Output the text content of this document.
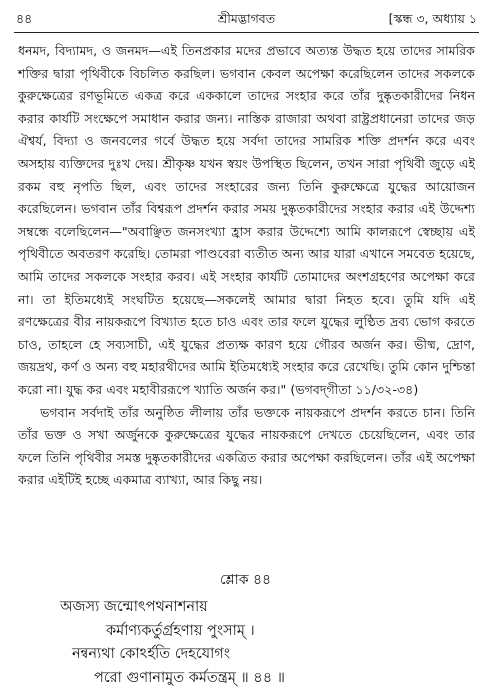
৪৪	শ্রীমদ্ভাগবত	[স্কন্ধ ৩, অধ্যায় ১

ধনমদ, বিদ্যামদ, ও জনমদ—এই তিনপ্রকার মদের প্রভাবে অত্যন্ত উদ্ধত হয়ে তাদের সামরিক শক্তির দ্বারা পৃথিবীকে বিচলিত করছিল। ভগবান কেবল অপেক্ষা করেছিলেন তাদের সকলকে কুরুক্ষেত্রের রণভূমিতে একত্র করে এককালে তাদের সংহার করে তাঁর দুষ্কৃতকারীদের নিধন করার কার্যটি সংক্ষেপে সমাধান করার জন্য। নাস্তিক রাজারা অথবা রাষ্ট্রপ্রধানেরা তাদের জড় ঐশ্বর্য, বিদ্যা ও জনবলের গর্বে উদ্ধত হয়ে সর্বদা তাদের সামরিক শক্তি প্রদর্শন করে এবং অসহায় ব্যক্তিদের দুঃখ দেয়। শ্রীকৃষ্ণ যখন স্বয়ং উপস্থিত ছিলেন, তখন সারা পৃথিবী জুড়ে এই রকম বহু নৃপতি ছিল, এবং তাদের সংহারের জন্য তিনি কুরুক্ষেত্রে যুদ্ধের আয়োজন করেছিলেন। ভগবান তাঁর বিশ্বরূপ প্রদর্শন করার সময় দুষ্কৃতকারীদের সংহার করার এই উদ্দেশ্য সম্বন্ধে বলেছিলেন—"অবাঞ্ছিত জনসংখ্যা হ্রাস করার উদ্দেশ্যে আমি কালরূপে স্বেচ্ছায় এই পৃথিবীতে অবতরণ করেছি। তোমরা পাণ্ডবেরা ব্যতীত অন্য আর যারা এখানে সমবেত হয়েছে, আমি তাদের সকলকে সংহার করব। এই সংহার কার্যটি তোমাদের অংশগ্রহণের অপেক্ষা করে না। তা ইতিমধ্যেই সংঘটিত হয়েছে—সকলেই আমার দ্বারা নিহত হবে। তুমি যদি এই রণক্ষেত্রের বীর নায়করূপে বিখ্যাত হতে চাও এবং তার ফলে যুদ্ধের লুণ্ঠিত দ্রব্য ভোগ করতে চাও, তাহলে হে সব্যসাচী, এই যুদ্ধের প্রত্যক্ষ কারণ হয়ে গৌরব অর্জন কর। ভীষ্ম, দ্রোণ, জয়দ্রথ, কর্ণ ও অন্য বহু মহারথীদের আমি ইতিমধ্যেই সংহার করে রেখেছি। তুমি কোন দুশ্চিন্তা করো না। যুদ্ধ কর এবং মহাবীররূপে খ্যাতি অর্জন কর।" (ভগবদ্‌গীতা ১১/৩২-৩৪)

ভগবান সর্বদাই তাঁর অনুষ্ঠিত লীলায় তাঁর ভক্তকে নায়করূপে প্রদর্শন করতে চান। তিনি তাঁর ভক্ত ও সখা অর্জুনকে কুরুক্ষেত্রের যুদ্ধের নায়করূপে দেখতে চেয়েছিলেন, এবং তার ফলে তিনি পৃথিবীর সমস্ত দুষ্কৃতকারীদের একত্রিত করার অপেক্ষা করছিলেন। তাঁর এই অপেক্ষা করার এইটিই হচ্ছে একমাত্র ব্যাখ্যা, আর কিছু নয়।

শ্লোক ৪৪
অজস্য জন্মোৎপথনাশনায়
কর্মাণ্যকর্তুর্গ্রহণায় পুংসাম্ ।
নন্বন্যথা কোঽর্হতি দেহযোগং
পরো গুণানামুত কর্মতন্ত্রম্ ॥ ৪৪ ॥
